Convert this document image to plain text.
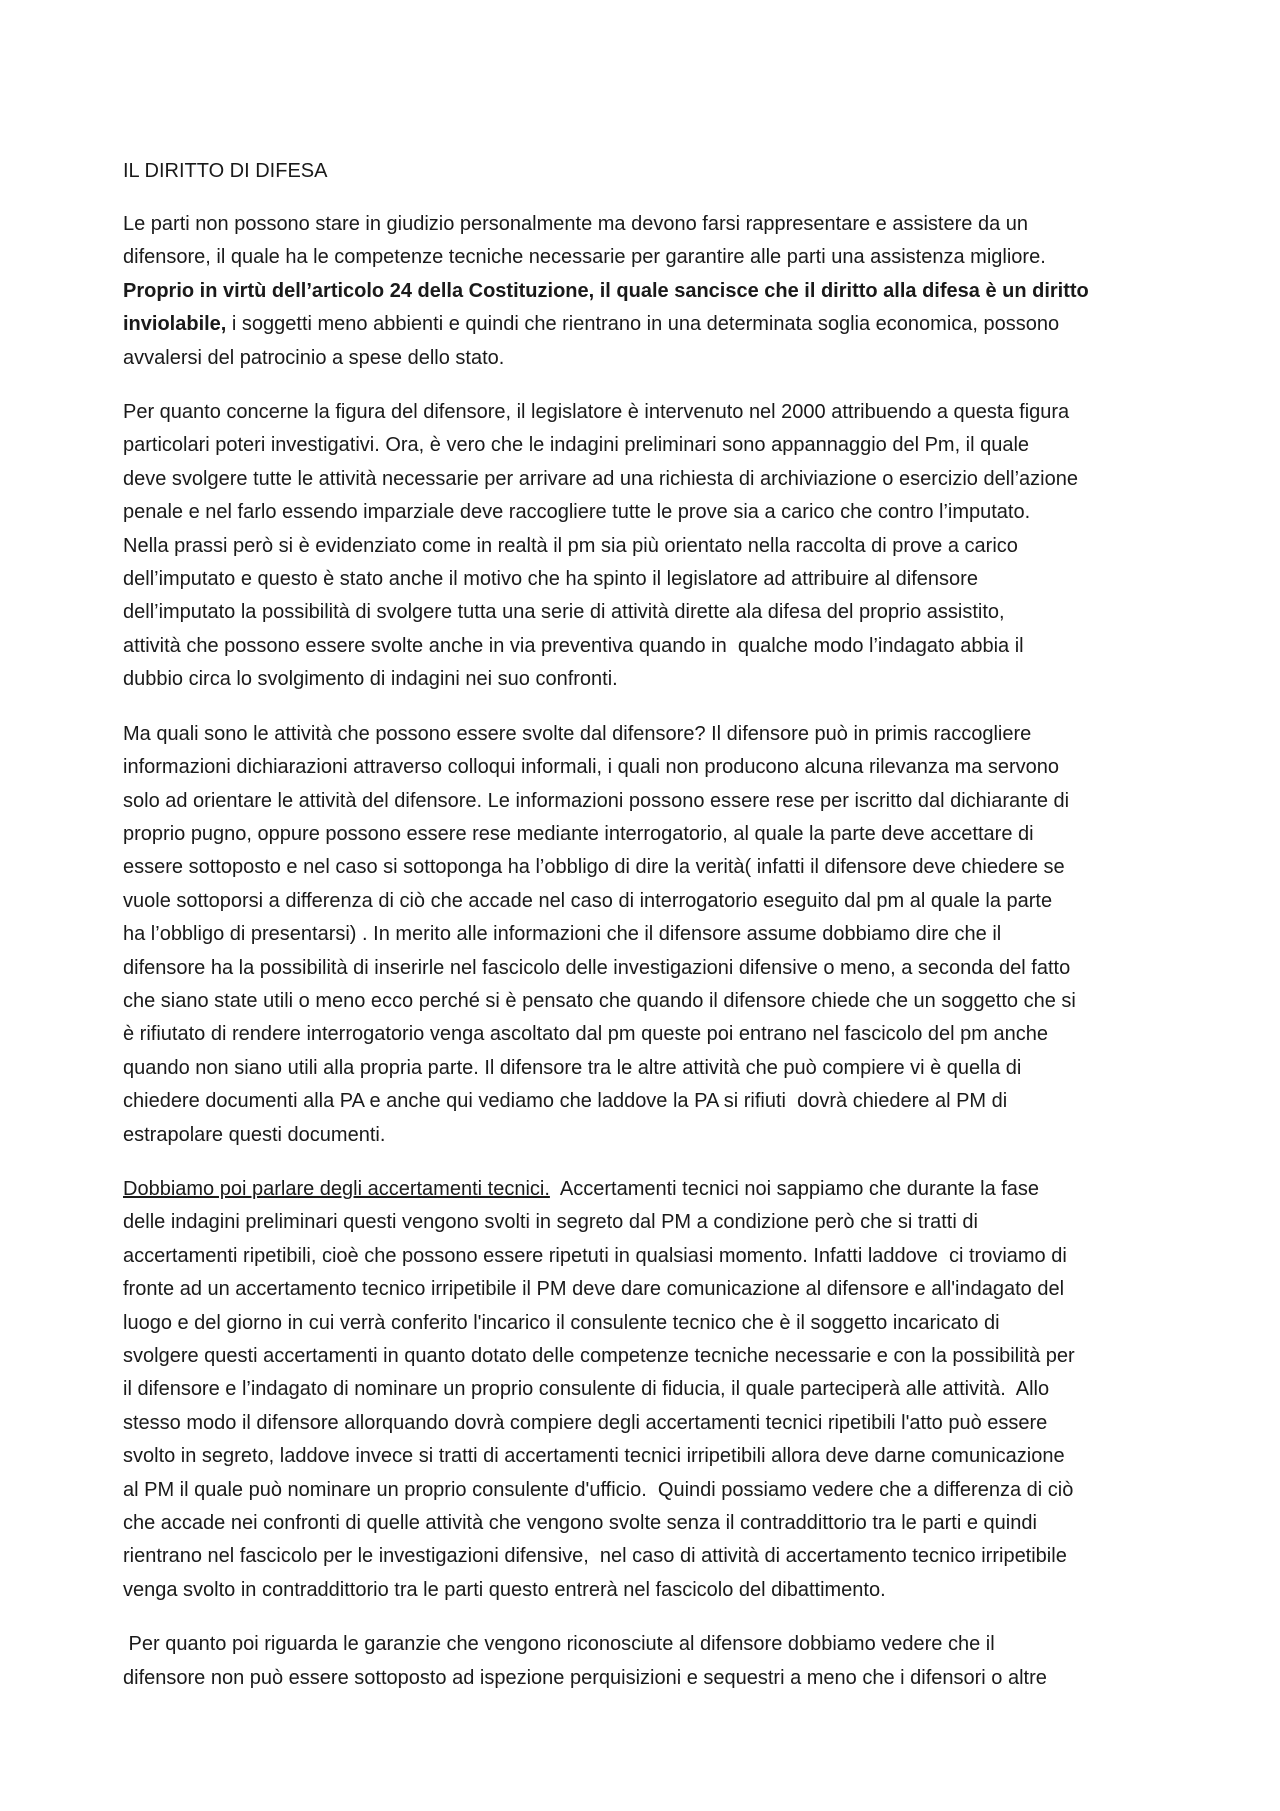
IL DIRITTO DI DIFESA

Le parti non possono stare in giudizio personalmente ma devono farsi rappresentare e assistere da un
difensore, il quale ha le competenze tecniche necessarie per garantire alle parti una assistenza migliore.
Proprio in virtù dell’articolo 24 della Costituzione, il quale sancisce che il diritto alla difesa è un diritto
inviolabile, i soggetti meno abbienti e quindi che rientrano in una determinata soglia economica, possono
avvalersi del patrocinio a spese dello stato.

Per quanto concerne la figura del difensore, il legislatore è intervenuto nel 2000 attribuendo a questa figura
particolari poteri investigativi. Ora, è vero che le indagini preliminari sono appannaggio del Pm, il quale
deve svolgere tutte le attività necessarie per arrivare ad una richiesta di archiviazione o esercizio dell’azione
penale e nel farlo essendo imparziale deve raccogliere tutte le prove sia a carico che contro l’imputato.
Nella prassi però si è evidenziato come in realtà il pm sia più orientato nella raccolta di prove a carico
dell’imputato e questo è stato anche il motivo che ha spinto il legislatore ad attribuire al difensore
dell’imputato la possibilità di svolgere tutta una serie di attività dirette ala difesa del proprio assistito,
attività che possono essere svolte anche in via preventiva quando in  qualche modo l’indagato abbia il
dubbio circa lo svolgimento di indagini nei suo confronti.

Ma quali sono le attività che possono essere svolte dal difensore? Il difensore può in primis raccogliere
informazioni dichiarazioni attraverso colloqui informali, i quali non producono alcuna rilevanza ma servono
solo ad orientare le attività del difensore. Le informazioni possono essere rese per iscritto dal dichiarante di
proprio pugno, oppure possono essere rese mediante interrogatorio, al quale la parte deve accettare di
essere sottoposto e nel caso si sottoponga ha l’obbligo di dire la verità( infatti il difensore deve chiedere se
vuole sottoporsi a differenza di ciò che accade nel caso di interrogatorio eseguito dal pm al quale la parte
ha l’obbligo di presentarsi) . In merito alle informazioni che il difensore assume dobbiamo dire che il
difensore ha la possibilità di inserirle nel fascicolo delle investigazioni difensive o meno, a seconda del fatto
che siano state utili o meno ecco perché si è pensato che quando il difensore chiede che un soggetto che si
è rifiutato di rendere interrogatorio venga ascoltato dal pm queste poi entrano nel fascicolo del pm anche
quando non siano utili alla propria parte. Il difensore tra le altre attività che può compiere vi è quella di
chiedere documenti alla PA e anche qui vediamo che laddove la PA si rifiuti  dovrà chiedere al PM di
estrapolare questi documenti.

Dobbiamo poi parlare degli accertamenti tecnici.  Accertamenti tecnici noi sappiamo che durante la fase
delle indagini preliminari questi vengono svolti in segreto dal PM a condizione però che si tratti di
accertamenti ripetibili, cioè che possono essere ripetuti in qualsiasi momento. Infatti laddove  ci troviamo di
fronte ad un accertamento tecnico irripetibile il PM deve dare comunicazione al difensore e all'indagato del
luogo e del giorno in cui verrà conferito l'incarico il consulente tecnico che è il soggetto incaricato di
svolgere questi accertamenti in quanto dotato delle competenze tecniche necessarie e con la possibilità per
il difensore e l’indagato di nominare un proprio consulente di fiducia, il quale parteciperà alle attività.  Allo
stesso modo il difensore allorquando dovrà compiere degli accertamenti tecnici ripetibili l'atto può essere
svolto in segreto, laddove invece si tratti di accertamenti tecnici irripetibili allora deve darne comunicazione
al PM il quale può nominare un proprio consulente d'ufficio.  Quindi possiamo vedere che a differenza di ciò
che accade nei confronti di quelle attività che vengono svolte senza il contraddittorio tra le parti e quindi
rientrano nel fascicolo per le investigazioni difensive,  nel caso di attività di accertamento tecnico irripetibile
venga svolto in contraddittorio tra le parti questo entrerà nel fascicolo del dibattimento.

Per quanto poi riguarda le garanzie che vengono riconosciute al difensore dobbiamo vedere che il
difensore non può essere sottoposto ad ispezione perquisizioni e sequestri a meno che i difensori o altre
